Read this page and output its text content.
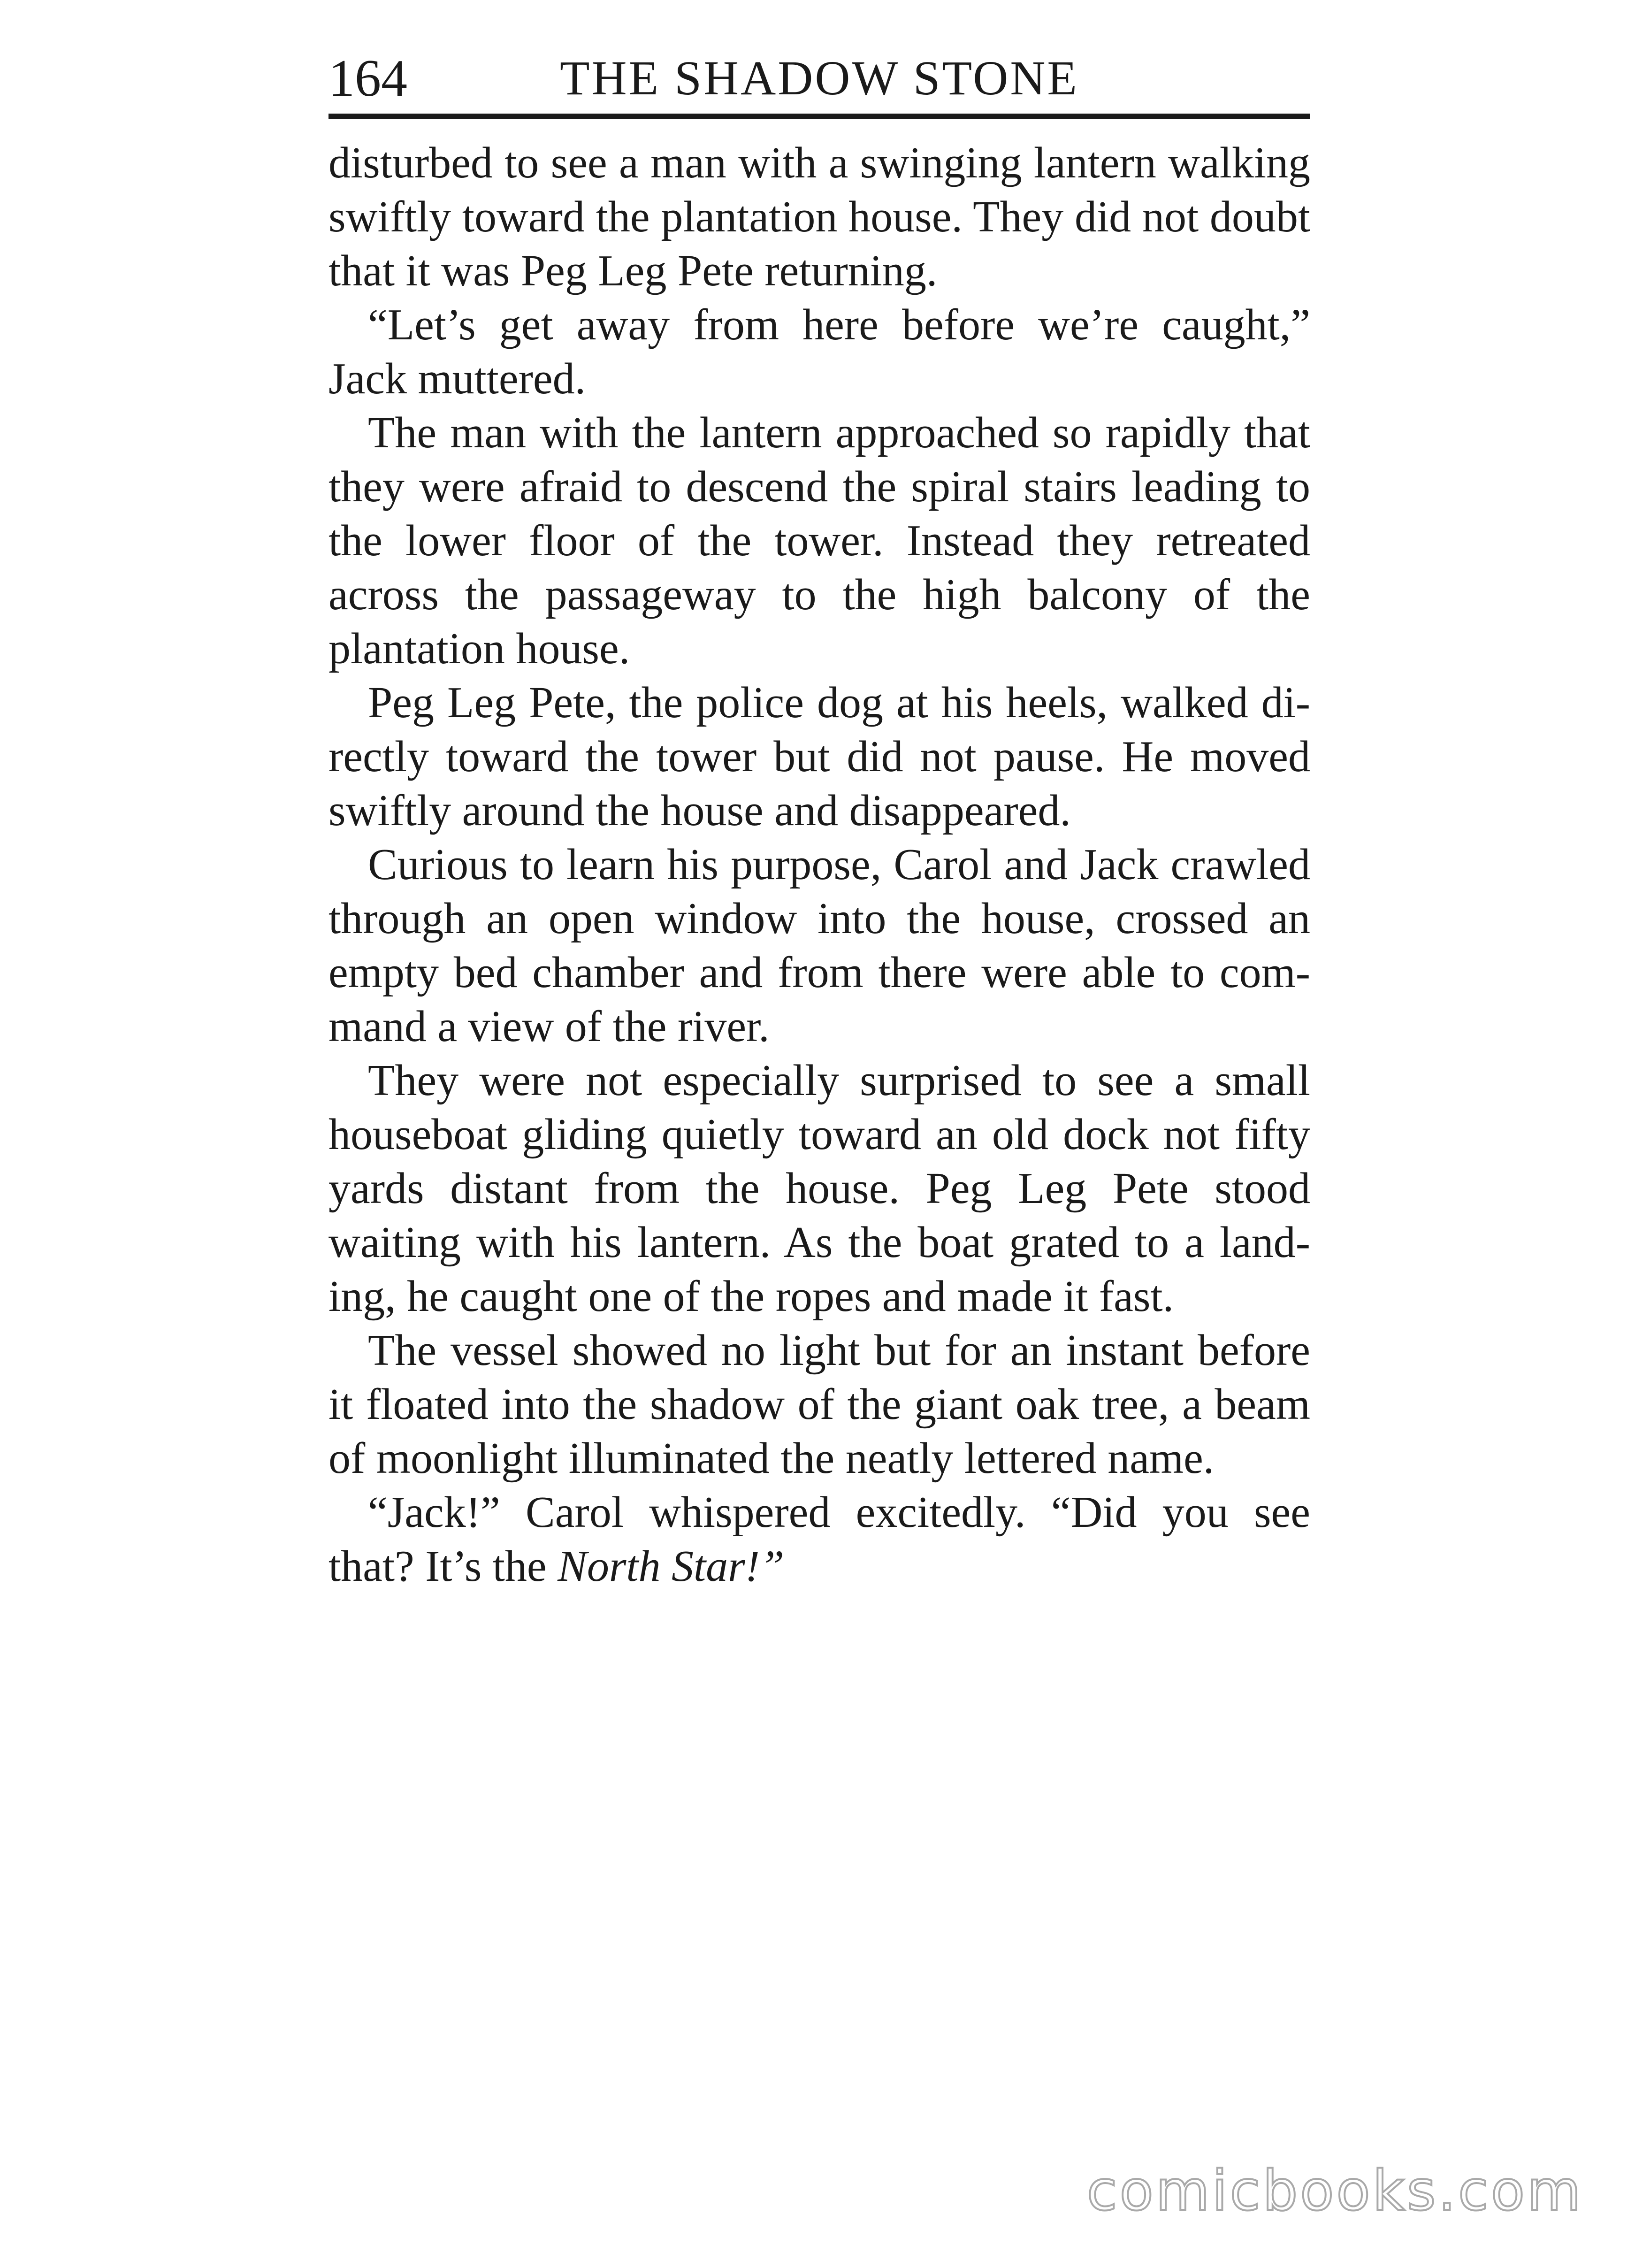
164	THE SHADOW STONE

disturbed to see a man with a swinging lantern walking swiftly toward the plantation house. They did not doubt that it was Peg Leg Pete returning.

“Let’s get away from here before we’re caught,” Jack muttered.

The man with the lantern approached so rapidly that they were afraid to descend the spiral stairs leading to the lower floor of the tower. Instead they retreated across the passageway to the high balcony of the plantation house.

Peg Leg Pete, the police dog at his heels, walked directly toward the tower but did not pause. He moved swiftly around the house and disappeared.

Curious to learn his purpose, Carol and Jack crawled through an open window into the house, crossed an empty bed chamber and from there were able to command a view of the river.

They were not especially surprised to see a small houseboat gliding quietly toward an old dock not fifty yards distant from the house. Peg Leg Pete stood waiting with his lantern. As the boat grated to a landing, he caught one of the ropes and made it fast.

The vessel showed no light but for an instant before it floated into the shadow of the giant oak tree, a beam of moonlight illuminated the neatly lettered name.

“Jack!” Carol whispered excitedly. “Did you see that? It’s the North Star!”

comicbooks.com
